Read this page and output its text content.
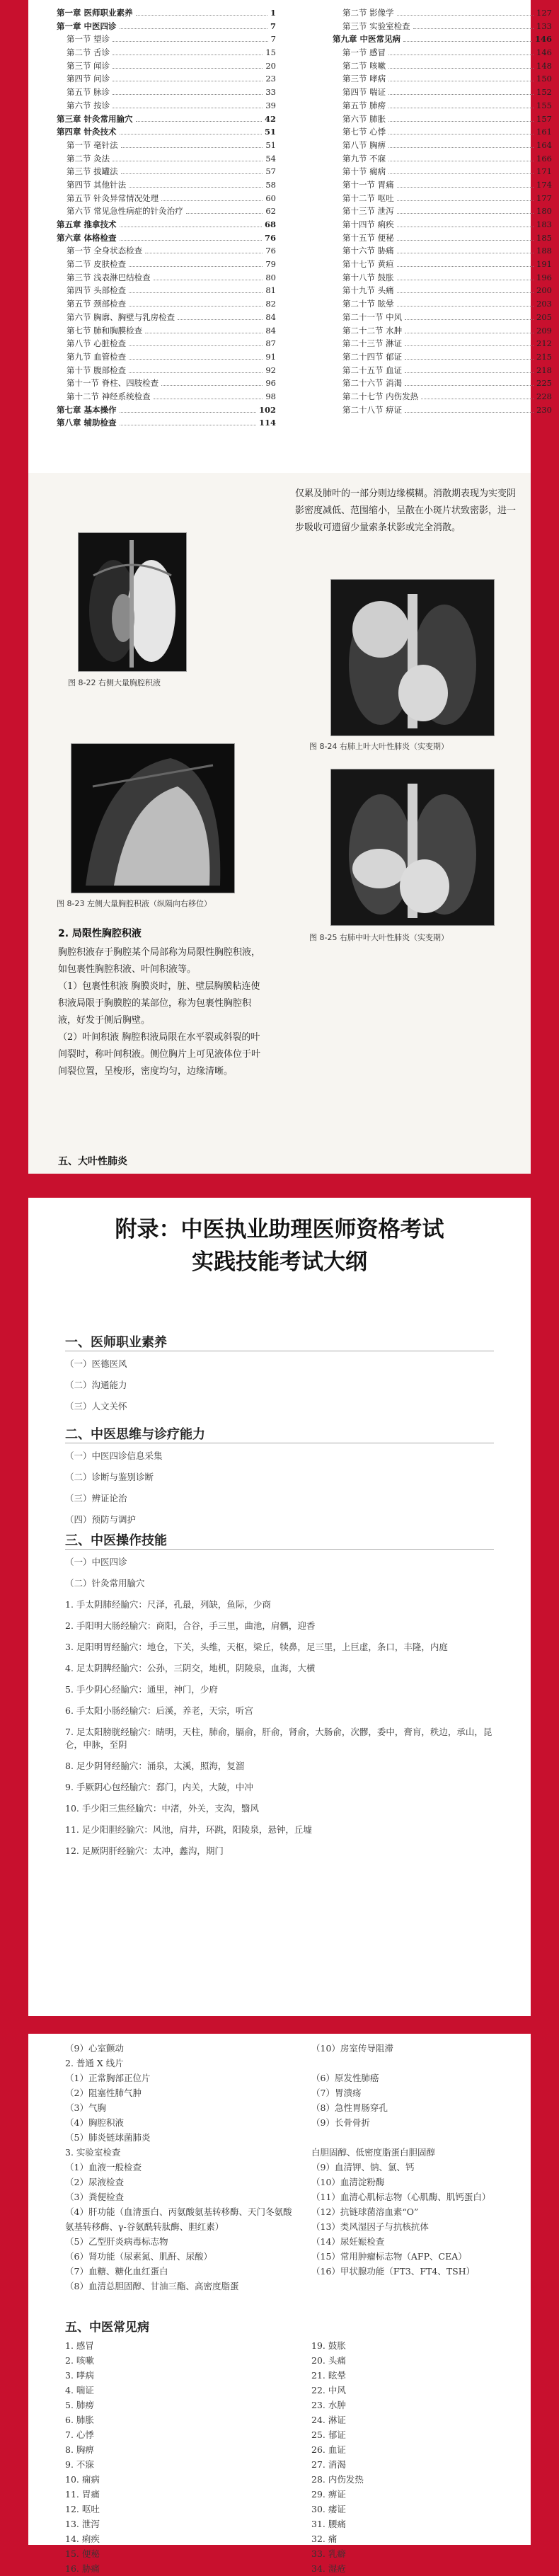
第一章 医师职业素养	1
第一章 中医四诊	7
第一节 望诊	7
第二节 舌诊	15
第三节 闻诊	20
第四节 问诊	23
第五节 脉诊	33
第六节 按诊	39
第三章 针灸常用腧穴	42
第四章 针灸技术	51
第一节 毫针法	51
第二节 灸法	54
第三节 拔罐法	57
第四节 其他针法	58
第五节 针灸异常情况处理	60
第六节 常见急性病症的针灸治疗	62
第五章 推拿技术	68
第六章 体格检查	76
第一节 全身状态检查	76
第二节 皮肤检查	79
第三节 浅表淋巴结检查	80
第四节 头部检查	81
第五节 颈部检查	82
第六节 胸廓、胸壁与乳房检查	84
第七节 肺和胸膜检查	84
第八节 心脏检查	87
第九节 血管检查	91
第十节 腹部检查	92
第十一节 脊柱、四肢检查	96
第十二节 神经系统检查	98
第七章 基本操作	102
第八章 辅助检查	114
第二节 影像学	127
第三节 实验室检查	133
第九章 中医常见病	146
第一节 感冒	146
第二节 咳嗽	148
第三节 哮病	150
第四节 喘证	152
第五节 肺痨	155
第六节 肺胀	157
第七节 心悸	161
第八节 胸痹	164
第九节 不寐	166
第十节 痫病	171
第十一节 胃痛	174
第十二节 呕吐	177
第十三节 泄泻	180
第十四节 痢疾	183
第十五节 便秘	185
第十六节 胁痛	188
第十七节 黄疸	191
第十八节 鼓胀	196
第十九节 头痛	200
第二十节 眩晕	203
第二十一节 中风	205
第二十二节 水肿	209
第二十三节 淋证	212
第二十四节 郁证	215
第二十五节 血证	218
第二十六节 消渴	225
第二十七节 内伤发热	228
第二十八节 痹证	230
图 8-22 右侧大量胸腔积液
图 8-23 左侧大量胸腔积液（纵隔向右移位）
2. 局限性胸腔积液
胸腔积液存于胸腔某个局部称为局限性胸腔积液，如包裹性胸腔积液、叶间积液等。
（1）包裹性积液 胸膜炎时，脏、壁层胸膜粘连使积液局限于胸膜腔的某部位，称为包裹性胸腔积液，好发于侧后胸壁。
（2）叶间积液 胸腔积液局限在水平裂或斜裂的叶间裂时，称叶间积液。侧位胸片上可见液体位于叶间裂位置，呈梭形，密度均匀，边缘清晰。
五、大叶性肺炎
仅累及肺叶的一部分则边缘模糊。消散期表现为实变阴影密度减低、范围缩小，呈散在小斑片状致密影，进一步吸收可遗留少量索条状影或完全消散。
图 8-24 右肺上叶大叶性肺炎（实变期）
图 8-25 右肺中叶大叶性肺炎（实变期）
附录：中医执业助理医师资格考试
实践技能考试大纲
一、医师职业素养
（一）医德医风
（二）沟通能力
（三）人文关怀
二、中医思维与诊疗能力
（一）中医四诊信息采集
（二）诊断与鉴别诊断
（三）辨证论治
（四）预防与调护
三、中医操作技能
（一）中医四诊
（二）针灸常用腧穴
1. 手太阴肺经腧穴：尺泽，孔最，列缺，鱼际，少商
2. 手阳明大肠经腧穴：商阳，合谷，手三里，曲池，肩髃，迎香
3. 足阳明胃经腧穴：地仓，下关，头维，天枢，梁丘，犊鼻，足三里，上巨虚，条口，丰隆，内庭
4. 足太阴脾经腧穴：公孙，三阴交，地机，阴陵泉，血海，大横
5. 手少阴心经腧穴：通里，神门，少府
6. 手太阳小肠经腧穴：后溪，养老，天宗，听宫
7. 足太阳膀胱经腧穴：睛明，天柱，肺俞，膈俞，肝俞，肾俞，大肠俞，次髎，委中，膏肓，秩边，承山，昆仑，申脉，至阴
8. 足少阴肾经腧穴：涌泉，太溪，照海，复溜
9. 手厥阴心包经腧穴：郄门，内关，大陵，中冲
10. 手少阳三焦经腧穴：中渚，外关，支沟，翳风
11. 足少阳胆经腧穴：风池，肩井，环跳，阳陵泉，悬钟，丘墟
12. 足厥阴肝经腧穴：太冲，蠡沟，期门
（9）心室颤动
2. 普通 X 线片
（1）正常胸部正位片
（2）阻塞性肺气肿
（3）气胸
（4）胸腔积液
（5）肺炎链球菌肺炎
3. 实验室检查
（1）血液一般检查
（2）尿液检查
（3）粪便检查
（4）肝功能（血清蛋白、丙氨酸氨基转移酶、天门冬氨酸氨基转移酶、γ-谷氨酰转肽酶、胆红素）
（5）乙型肝炎病毒标志物
（6）肾功能（尿素氮、肌酐、尿酸）
（7）血糖、糖化血红蛋白
（8）血清总胆固醇、甘油三酯、高密度脂蛋
（10）房室传导阻滞
（6）原发性肺癌
（7）胃溃疡
（8）急性胃肠穿孔
（9）长骨骨折
白胆固醇、低密度脂蛋白胆固醇
（9）血清钾、钠、氯、钙
（10）血清淀粉酶
（11）血清心肌标志物（心肌酶、肌钙蛋白）
（12）抗链球菌溶血素“O”
（13）类风湿因子与抗核抗体
（14）尿妊娠检查
（15）常用肿瘤标志物（AFP、CEA）
（16）甲状腺功能（FT3、FT4、TSH）
五、中医常见病
1. 感冒
2. 咳嗽
3. 哮病
4. 喘证
5. 肺痨
6. 肺胀
7. 心悸
8. 胸痹
9. 不寐
10. 痫病
11. 胃痛
12. 呕吐
13. 泄泻
14. 痢疾
15. 便秘
16. 胁痛
19. 鼓胀
20. 头痛
21. 眩晕
22. 中风
23. 水肿
24. 淋证
25. 郁证
26. 血证
27. 消渴
28. 内伤发热
29. 痹证
30. 痿证
31. 腰痛
32. 痛
33. 乳癖
34. 湿疮
